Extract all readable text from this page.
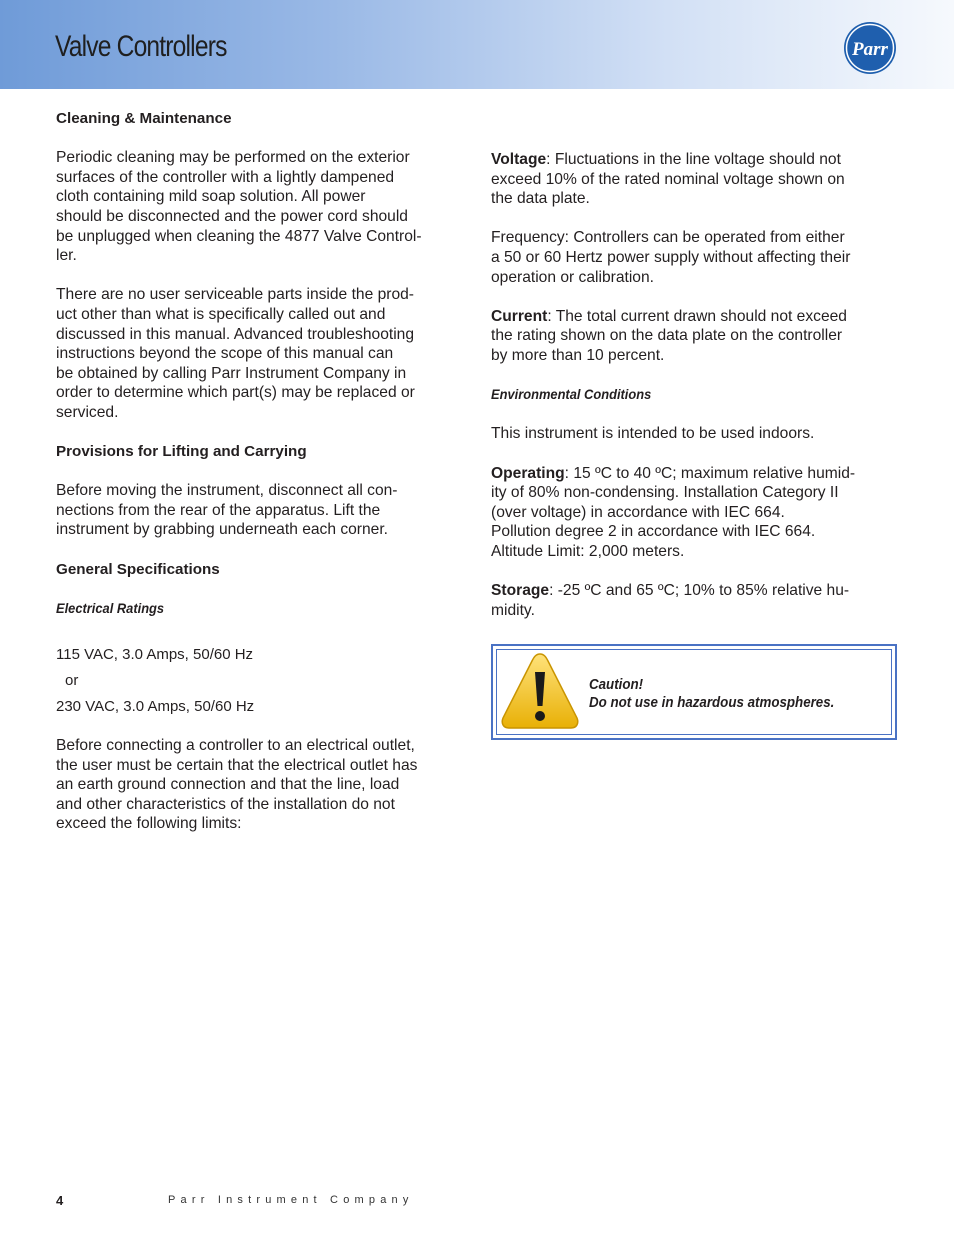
Valve Controllers	Parr

Cleaning & Maintenance

Periodic cleaning may be performed on the exterior
surfaces of the controller with a lightly dampened
cloth containing mild soap solution. All power
should be disconnected and the power cord should
be unplugged when cleaning the 4877 Valve Control-
ler.

There are no user serviceable parts inside the prod-
uct other than what is specifically called out and
discussed in this manual. Advanced troubleshooting
instructions beyond the scope of this manual can
be obtained by calling Parr Instrument Company in
order to determine which part(s) may be replaced or
serviced.

Provisions for Lifting and Carrying

Before moving the instrument, disconnect all con-
nections from the rear of the apparatus. Lift the
instrument by grabbing underneath each corner.

General Specifications

Electrical Ratings

115 VAC, 3.0 Amps, 50/60 Hz

or

230 VAC, 3.0 Amps, 50/60 Hz

Before connecting a controller to an electrical outlet,
the user must be certain that the electrical outlet has
an earth ground connection and that the line, load
and other characteristics of the installation do not
exceed the following limits:

Voltage: Fluctuations in the line voltage should not
exceed 10% of the rated nominal voltage shown on
the data plate.

Frequency: Controllers can be operated from either
a 50 or 60 Hertz power supply without affecting their
operation or calibration.

Current: The total current drawn should not exceed
the rating shown on the data plate on the controller
by more than 10 percent.

Environmental Conditions

This instrument is intended to be used indoors.

Operating: 15 ºC to 40 ºC; maximum relative humid-
ity of 80% non-condensing. Installation Category II
(over voltage) in accordance with IEC 664.
Pollution degree 2 in accordance with IEC 664.
Altitude Limit: 2,000 meters.

Storage: -25 ºC and 65 ºC; 10% to 85% relative hu-
midity.

Caution!
Do not use in hazardous atmospheres.
4	Parr Instrument Company
